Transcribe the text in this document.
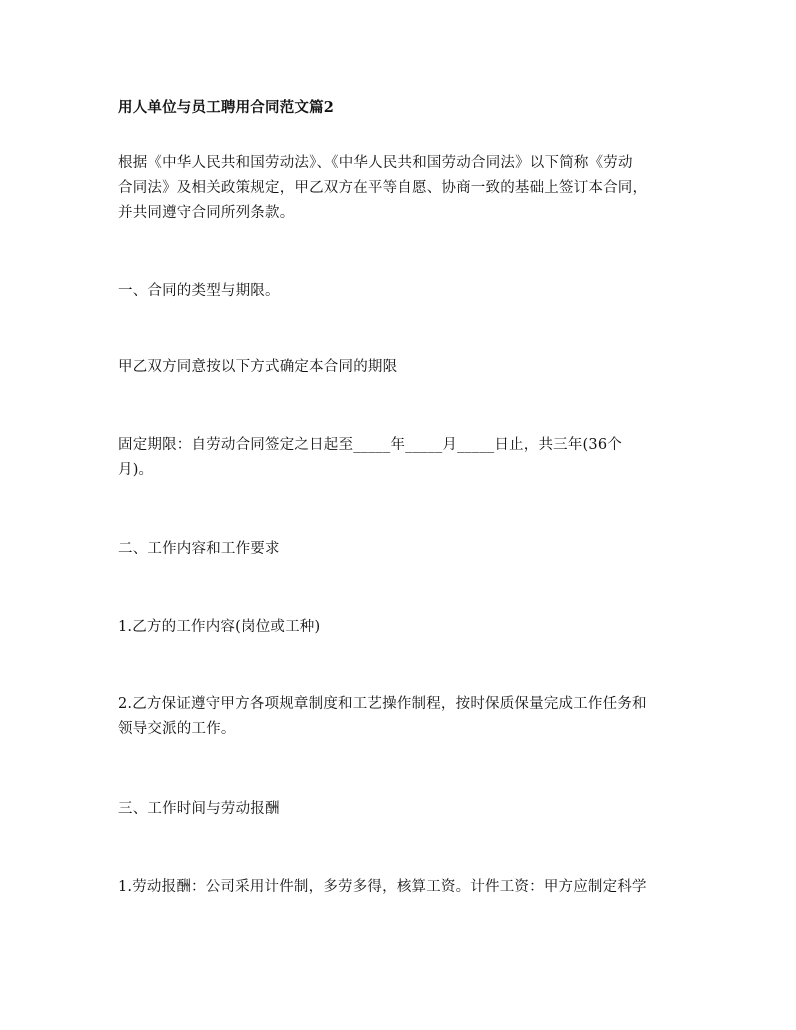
用人单位与员工聘用合同范文篇2
根据《中华人民共和国劳动法》、《中华人民共和国劳动合同法》以下简称《劳动
合同法》及相关政策规定，甲乙双方在平等自愿、协商一致的基础上签订本合同，
并共同遵守合同所列条款。
一、合同的类型与期限。
甲乙双方同意按以下方式确定本合同的期限
固定期限：自劳动合同签定之日起至_____年_____月_____日止，共三年(36个
月)。
二、工作内容和工作要求
1.乙方的工作内容(岗位或工种)
2.乙方保证遵守甲方各项规章制度和工艺操作制程，按时保质保量完成工作任务和
领导交派的工作。
三、工作时间与劳动报酬
1.劳动报酬：公司采用计件制，多劳多得，核算工资。计件工资：甲方应制定科学
